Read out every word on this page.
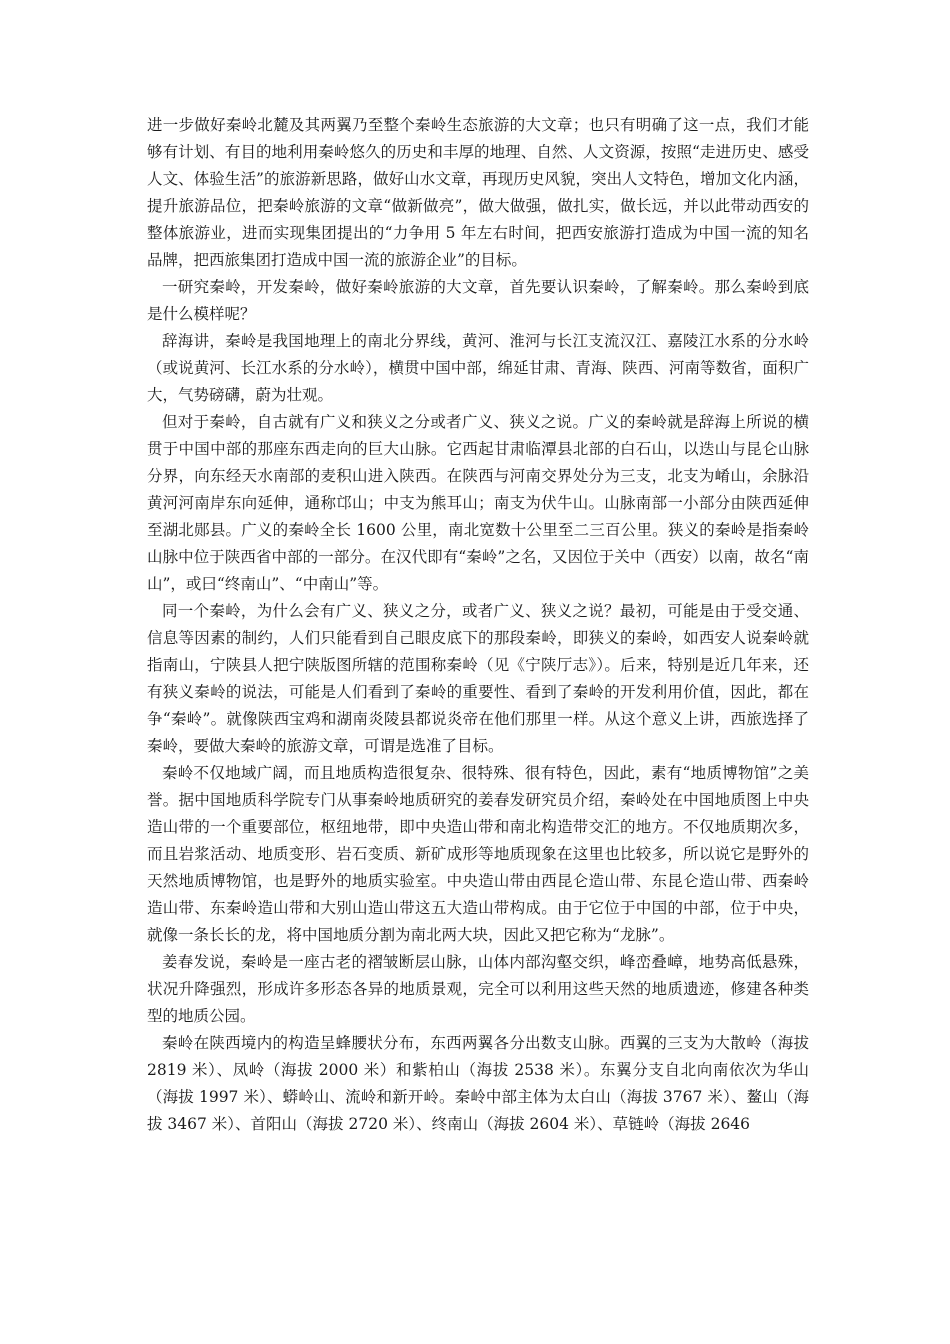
进一步做好秦岭北麓及其两翼乃至整个秦岭生态旅游的大文章；也只有明确了这一点，我们才能够有计划、有目的地利用秦岭悠久的历史和丰厚的地理、自然、人文资源，按照“走进历史、感受人文、体验生活”的旅游新思路，做好山水文章，再现历史风貌，突出人文特色，增加文化内涵，提升旅游品位，把秦岭旅游的文章“做新做亮”，做大做强，做扎实，做长远，并以此带动西安的整体旅游业，进而实现集团提出的“力争用 5 年左右时间，把西安旅游打造成为中国一流的知名品牌，把西旅集团打造成中国一流的旅游企业”的目标。

一研究秦岭，开发秦岭，做好秦岭旅游的大文章，首先要认识秦岭，了解秦岭。那么秦岭到底是什么模样呢？

辞海讲，秦岭是我国地理上的南北分界线，黄河、淮河与长江支流汉江、嘉陵江水系的分水岭（或说黄河、长江水系的分水岭），横贯中国中部，绵延甘肃、青海、陕西、河南等数省，面积广大，气势磅礴，蔚为壮观。

但对于秦岭，自古就有广义和狭义之分或者广义、狭义之说。广义的秦岭就是辞海上所说的横贯于中国中部的那座东西走向的巨大山脉。它西起甘肃临潭县北部的白石山，以迭山与昆仑山脉分界，向东经天水南部的麦积山进入陕西。在陕西与河南交界处分为三支，北支为崤山，余脉沿黄河河南岸东向延伸，通称邙山；中支为熊耳山；南支为伏牛山。山脉南部一小部分由陕西延伸至湖北郧县。广义的秦岭全长 1600 公里，南北宽数十公里至二三百公里。狭义的秦岭是指秦岭山脉中位于陕西省中部的一部分。在汉代即有“秦岭”之名，又因位于关中（西安）以南，故名“南山”，或曰“终南山”、“中南山”等。

同一个秦岭，为什么会有广义、狭义之分，或者广义、狭义之说？最初，可能是由于受交通、信息等因素的制约，人们只能看到自己眼皮底下的那段秦岭，即狭义的秦岭，如西安人说秦岭就指南山，宁陕县人把宁陕版图所辖的范围称秦岭（见《宁陕厅志》）。后来，特别是近几年来，还有狭义秦岭的说法，可能是人们看到了秦岭的重要性、看到了秦岭的开发利用价值，因此，都在争“秦岭”。就像陕西宝鸡和湖南炎陵县都说炎帝在他们那里一样。从这个意义上讲，西旅选择了秦岭，要做大秦岭的旅游文章，可谓是选准了目标。

秦岭不仅地域广阔，而且地质构造很复杂、很特殊、很有特色，因此，素有“地质博物馆”之美誉。据中国地质科学院专门从事秦岭地质研究的姜春发研究员介绍，秦岭处在中国地质图上中央造山带的一个重要部位，枢纽地带，即中央造山带和南北构造带交汇的地方。不仅地质期次多，而且岩浆活动、地质变形、岩石变质、新矿成形等地质现象在这里也比较多，所以说它是野外的天然地质博物馆，也是野外的地质实验室。中央造山带由西昆仑造山带、东昆仑造山带、西秦岭造山带、东秦岭造山带和大别山造山带这五大造山带构成。由于它位于中国的中部，位于中央，就像一条长长的龙，将中国地质分割为南北两大块，因此又把它称为“龙脉”。

姜春发说，秦岭是一座古老的褶皱断层山脉，山体内部沟壑交织，峰峦叠嶂，地势高低悬殊，状况升降强烈，形成许多形态各异的地质景观，完全可以利用这些天然的地质遗迹，修建各种类型的地质公园。

秦岭在陕西境内的构造呈蜂腰状分布，东西两翼各分出数支山脉。西翼的三支为大散岭（海拔 2819 米）、凤岭（海拔 2000 米）和紫柏山（海拔 2538 米）。东翼分支自北向南依次为华山（海拔 1997 米）、蟒岭山、流岭和新开岭。秦岭中部主体为太白山（海拔 3767 米）、鳌山（海拔 3467 米）、首阳山（海拔 2720 米）、终南山（海拔 2604 米）、草链岭（海拔 2646
